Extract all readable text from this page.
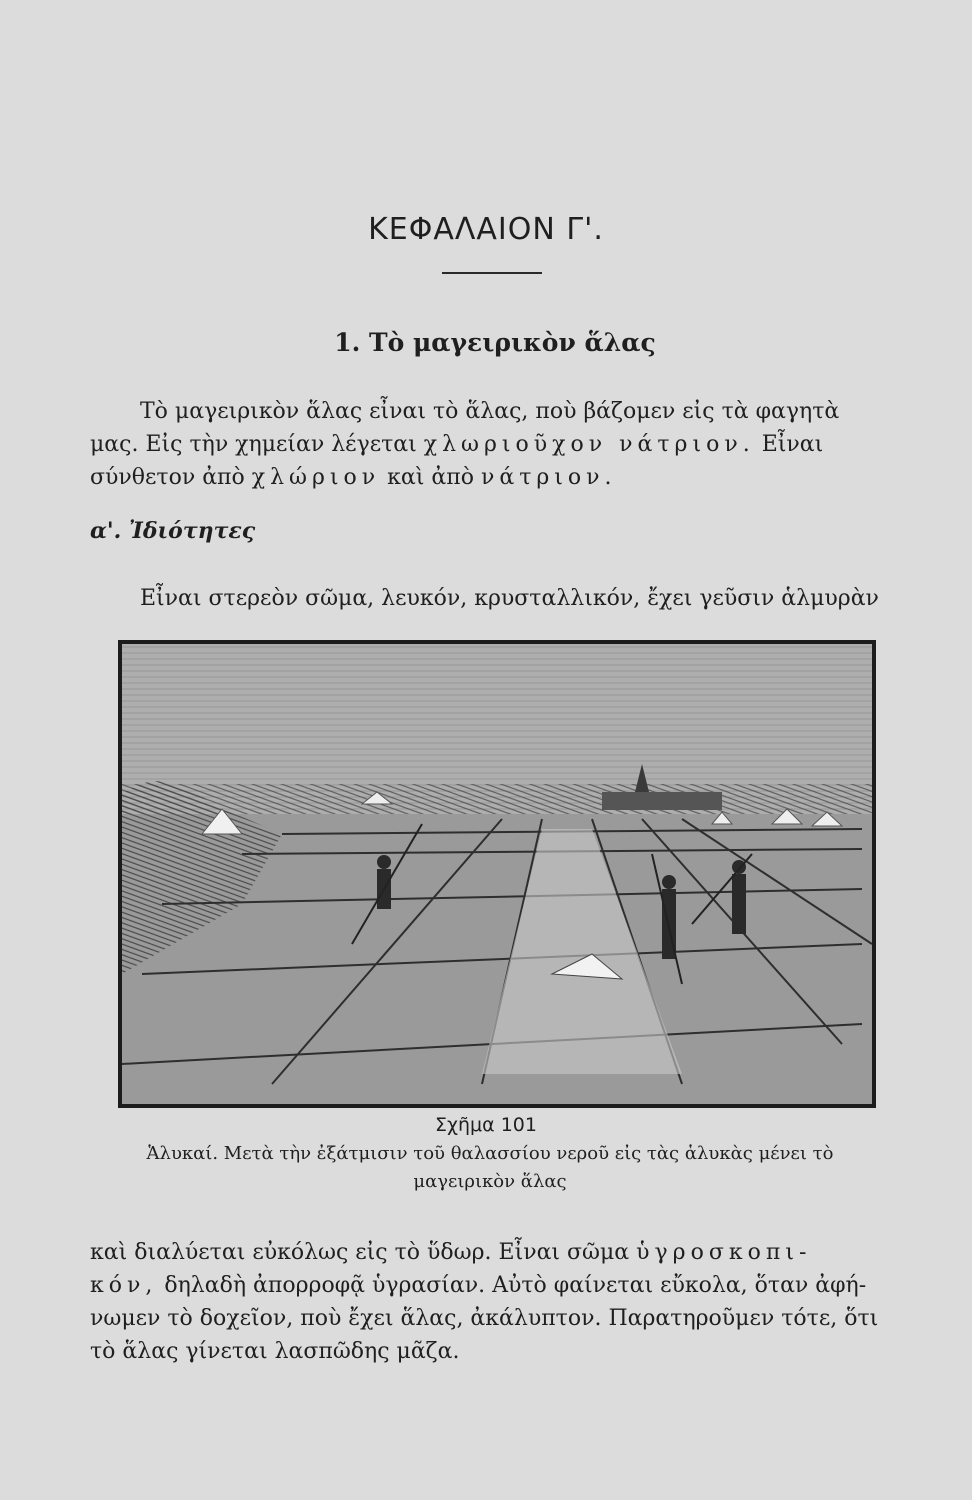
ΚΕΦΑΛΑΙΟΝ Γ'.
1. Τὸ μαγειρικὸν ἅλας
Τὸ μαγειρικὸν ἅλας εἶναι τὸ ἅλας, ποὺ βάζομεν εἰς τὰ φαγητὰ
μας. Εἰς τὴν χημείαν λέγεται χλωριοῦχον νάτριον. Εἶναι
σύνθετον ἀπὸ χλώριον καὶ ἀπὸ νάτριον.
α'. Ἰδιότητες
Εἶναι στερεὸν σῶμα, λευκόν, κρυσταλλικόν, ἔχει γεῦσιν ἁλμυρὰν
Σχῆμα 101
Ἁλυκαί. Μετὰ τὴν ἐξάτμισιν τοῦ θαλασσίου νεροῦ εἰς τὰς ἁλυκὰς μένει τὸ
μαγειρικὸν ἅλας
καὶ διαλύεται εὐκόλως εἰς τὸ ὕδωρ. Εἶναι σῶμα ὑγροσκοπι-
κόν, δηλαδὴ ἀπορροφᾷ ὑγρασίαν. Αὐτὸ φαίνεται εὔκολα, ὅταν ἀφή-
νωμεν τὸ δοχεῖον, ποὺ ἔχει ἅλας, ἀκάλυπτον. Παρατηροῦμεν τότε, ὅτι
τὸ ἅλας γίνεται λασπῶδης μᾶζα.
